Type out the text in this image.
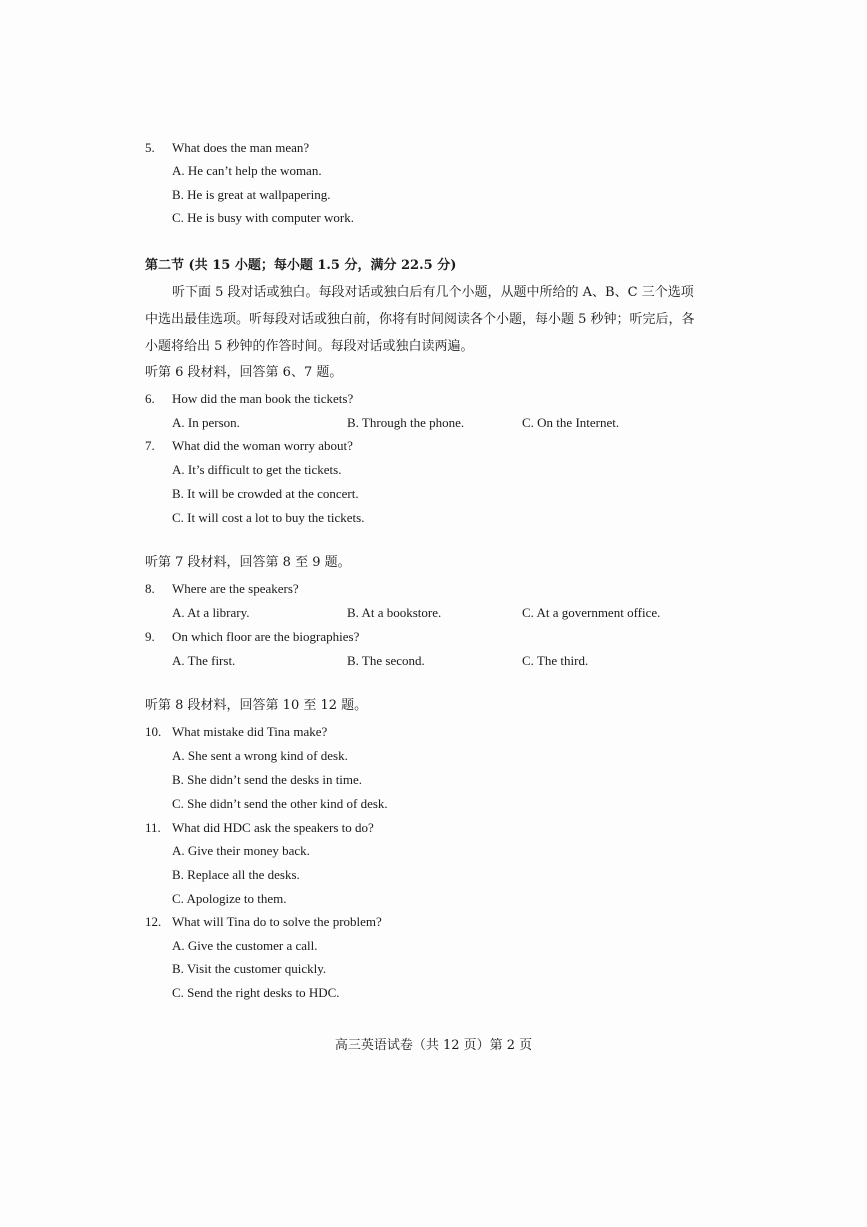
5. What does the man mean?
A. He can’t help the woman.
B. He is great at wallpapering.
C. He is busy with computer work.
第二节 (共 15 小题；每小题 1.5 分，满分 22.5 分)
听下面 5 段对话或独白。每段对话或独白后有几个小题，从题中所给的 A、B、C 三个选项
中选出最佳选项。听每段对话或独白前，你将有时间阅读各个小题，每小题 5 秒钟；听完后，各
小题将给出 5 秒钟的作答时间。每段对话或独白读两遍。
听第 6 段材料，回答第 6、7 题。
6. How did the man book the tickets?
A. In person.	B. Through the phone.	C. On the Internet.
7. What did the woman worry about?
A. It’s difficult to get the tickets.
B. It will be crowded at the concert.
C. It will cost a lot to buy the tickets.
听第 7 段材料，回答第 8 至 9 题。
8. Where are the speakers?
A. At a library.	B. At a bookstore.	C. At a government office.
9. On which floor are the biographies?
A. The first.	B. The second.	C. The third.
听第 8 段材料，回答第 10 至 12 题。
10. What mistake did Tina make?
A. She sent a wrong kind of desk.
B. She didn’t send the desks in time.
C. She didn’t send the other kind of desk.
11. What did HDC ask the speakers to do?
A. Give their money back.
B. Replace all the desks.
C. Apologize to them.
12. What will Tina do to solve the problem?
A. Give the customer a call.
B. Visit the customer quickly.
C. Send the right desks to HDC.
高三英语试卷（共 12 页）第 2 页
